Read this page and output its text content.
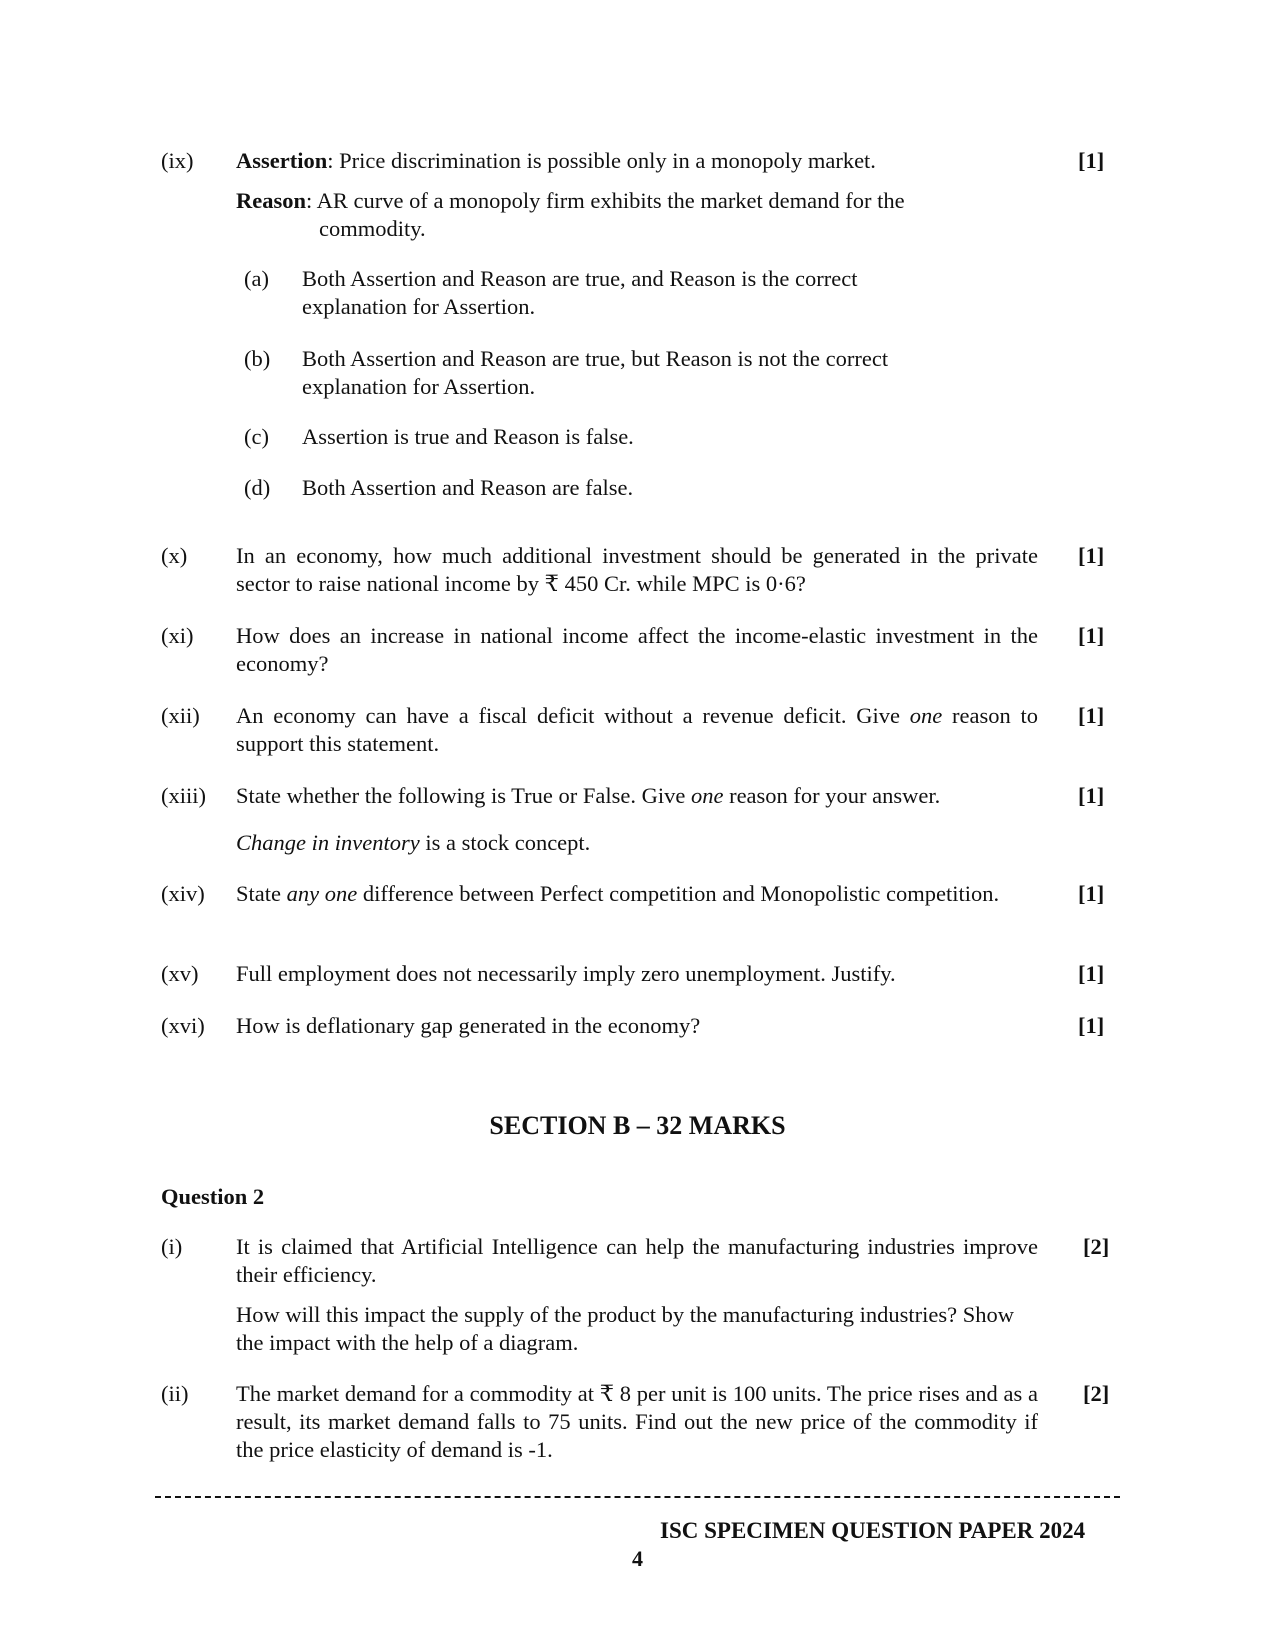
(ix) Assertion: Price discrimination is possible only in a monopoly market.	[1]
Reason: AR curve of a monopoly firm exhibits the market demand for the
commodity.
(a) Both Assertion and Reason are true, and Reason is the correct
explanation for Assertion.
(b) Both Assertion and Reason are true, but Reason is not the correct
explanation for Assertion.
(c) Assertion is true and Reason is false.
(d) Both Assertion and Reason are false.
(x) In an economy, how much additional investment should be generated in the private sector to raise national income by ₹ 450 Cr. while MPC is 0·6?
[1]
(xi) How does an increase in national income affect the income-elastic investment in the economy?
[1]
(xii) An economy can have a fiscal deficit without a revenue deficit. Give one reason to support this statement.
[1]
(xiii) State whether the following is True or False. Give one reason for your answer.	[1]
Change in inventory is a stock concept.
(xiv) State any one difference between Perfect competition and Monopolistic competition.	[1]
(xv) Full employment does not necessarily imply zero unemployment. Justify.	[1]
(xvi) How is deflationary gap generated in the economy?	[1]
SECTION B – 32 MARKS
Question 2
(i) It is claimed that Artificial Intelligence can help the manufacturing industries improve their efficiency.
[2]
How will this impact the supply of the product by the manufacturing industries? Show the impact with the help of a diagram.
(ii) The market demand for a commodity at ₹ 8 per unit is 100 units. The price rises and as a result, its market demand falls to 75 units. Find out the new price of the commodity if the price elasticity of demand is -1.
[2]
ISC SPECIMEN QUESTION PAPER 2024
4
